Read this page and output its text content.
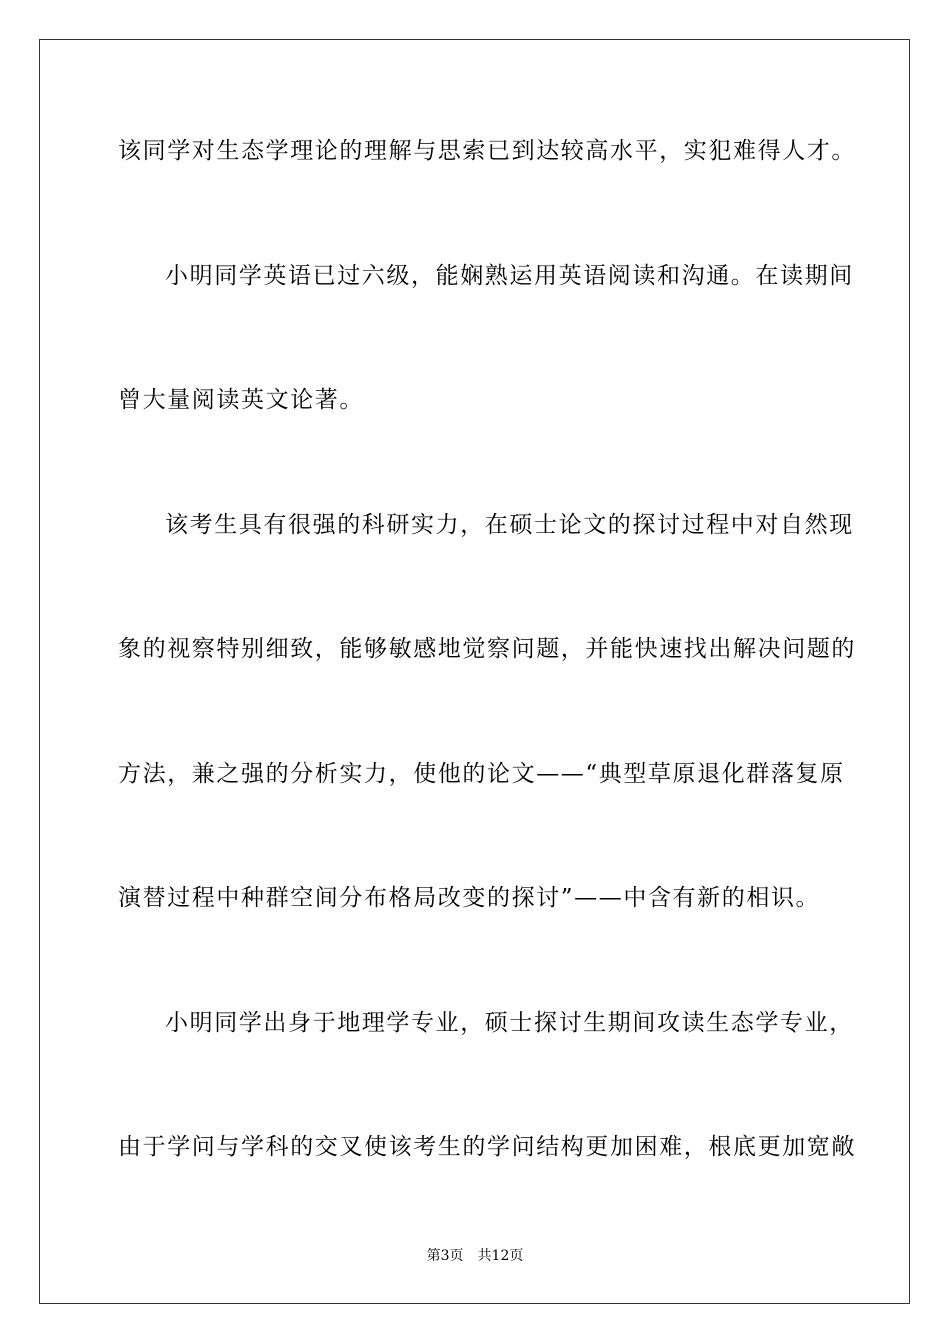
该同学对生态学理论的理解与思索已到达较高水平，实犯难得人才。
小明同学英语已过六级，能娴熟运用英语阅读和沟通。在读期间
曾大量阅读英文论著。
该考生具有很强的科研实力，在硕士论文的探讨过程中对自然现
象的视察特别细致，能够敏感地觉察问题，并能快速找出解决问题的
方法，兼之强的分析实力，使他的论文——“典型草原退化群落复原
演替过程中种群空间分布格局改变的探讨”——中含有新的相识。
小明同学出身于地理学专业，硕士探讨生期间攻读生态学专业，
由于学问与学科的交叉使该考生的学问结构更加困难，根底更加宽敞
第3页 共12页
